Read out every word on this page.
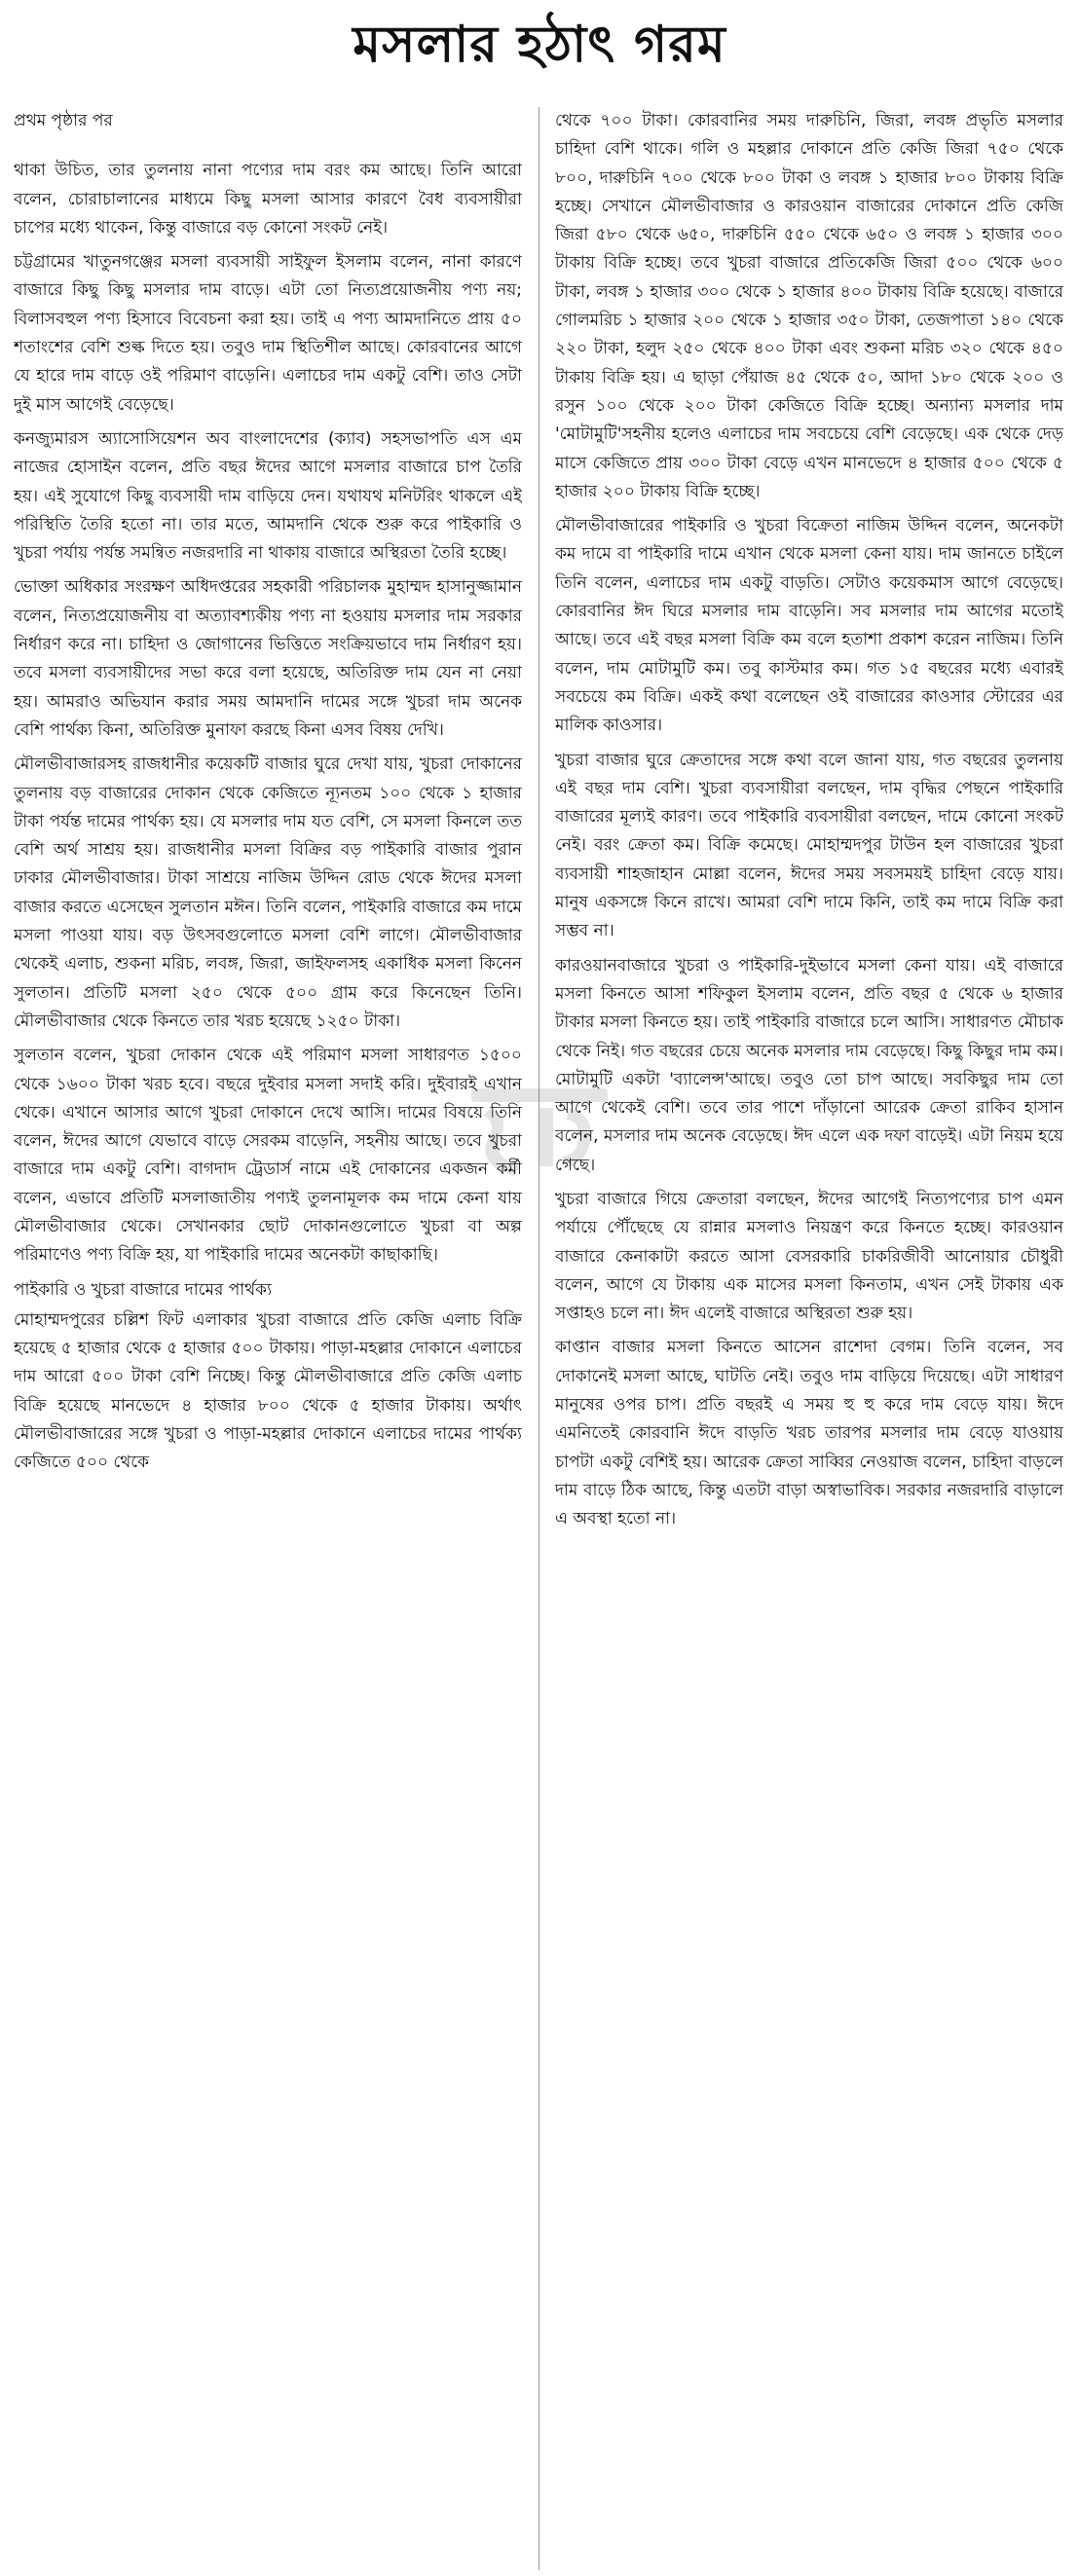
মসলার হঠাৎ গরম

প্রথম পৃষ্ঠার পর

থাকা উচিত, তার তুলনায় নানা পণ্যের দাম বরং কম আছে। তিনি আরো বলেন, চোরাচালানের মাধ্যমে কিছু মসলা আসার কারণে বৈধ ব্যবসায়ীরা চাপের মধ্যে থাকেন, কিন্তু বাজারে বড় কোনো সংকট নেই।

চট্টগ্রামের খাতুনগঞ্জের মসলা ব্যবসায়ী সাইফুল ইসলাম বলেন, নানা কারণে বাজারে কিছু কিছু মসলার দাম বাড়ে। এটা তো নিত্যপ্রয়োজনীয় পণ্য নয়; বিলাসবহুল পণ্য হিসাবে বিবেচনা করা হয়। তাই এ পণ্য আমদানিতে প্রায় ৫০ শতাংশের বেশি শুল্ক দিতে হয়। তবুও দাম স্থিতিশীল আছে। কোরবানের আগে যে হারে দাম বাড়ে ওই পরিমাণ বাড়েনি। এলাচের দাম একটু বেশি। তাও সেটা দুই মাস আগেই বেড়েছে।

কনজ্যুমারস অ্যাসোসিয়েশন অব বাংলাদেশের (ক্যাব) সহসভাপতি এস এম নাজের হোসাইন বলেন, প্রতি বছর ঈদের আগে মসলার বাজারে চাপ তৈরি হয়। এই সুযোগে কিছু ব্যবসায়ী দাম বাড়িয়ে দেন। যথাযথ মনিটরিং থাকলে এই পরিস্থিতি তৈরি হতো না। তার মতে, আমদানি থেকে শুরু করে পাইকারি ও খুচরা পর্যায় পর্যন্ত সমন্বিত নজরদারি না থাকায় বাজারে অস্থিরতা তৈরি হচ্ছে।

ভোক্তা অধিকার সংরক্ষণ অধিদপ্তরের সহকারী পরিচালক মুহাম্মদ হাসানুজ্জামান বলেন, নিত্যপ্রয়োজনীয় বা অত্যাবশ্যকীয় পণ্য না হওয়ায় মসলার দাম সরকার নির্ধারণ করে না। চাহিদা ও জোগানের ভিত্তিতে সংক্রিয়ভাবে দাম নির্ধারণ হয়। তবে মসলা ব্যবসায়ীদের সভা করে বলা হয়েছে, অতিরিক্ত দাম যেন না নেয়া হয়। আমরাও অভিযান করার সময় আমদানি দামের সঙ্গে খুচরা দাম অনেক বেশি পার্থক্য কিনা, অতিরিক্ত মুনাফা করছে কিনা এসব বিষয় দেখি।

মৌলভীবাজারসহ রাজধানীর কয়েকটি বাজার ঘুরে দেখা যায়, খুচরা দোকানের তুলনায় বড় বাজারের দোকান থেকে কেজিতে ন্যূনতম ১০০ থেকে ১ হাজার টাকা পর্যন্ত দামের পার্থক্য হয়। যে মসলার দাম যত বেশি, সে মসলা কিনলে তত বেশি অর্থ সাশ্রয় হয়। রাজধানীর মসলা বিক্রির বড় পাইকারি বাজার পুরান ঢাকার মৌলভীবাজার। টাকা সাশ্রয়ে নাজিম উদ্দিন রোড থেকে ঈদের মসলা বাজার করতে এসেছেন সুলতান মঈন। তিনি বলেন, পাইকারি বাজারে কম দামে মসলা পাওয়া যায়। বড় উৎসবগুলোতে মসলা বেশি লাগে। মৌলভীবাজার থেকেই এলাচ, শুকনা মরিচ, লবঙ্গ, জিরা, জাইফলসহ একাধিক মসলা কিনেন সুলতান। প্রতিটি মসলা ২৫০ থেকে ৫০০ গ্রাম করে কিনেছেন তিনি। মৌলভীবাজার থেকে কিনতে তার খরচ হয়েছে ১২৫০ টাকা।

সুলতান বলেন, খুচরা দোকান থেকে এই পরিমাণ মসলা সাধারণত ১৫০০ থেকে ১৬০০ টাকা খরচ হবে। বছরে দুইবার মসলা সদাই করি। দুইবারই এখান থেকে। এখানে আসার আগে খুচরা দোকানে দেখে আসি। দামের বিষয়ে তিনি বলেন, ঈদের আগে যেভাবে বাড়ে সেরকম বাড়েনি, সহনীয় আছে। তবে খুচরা বাজারে দাম একটু বেশি। বাগদাদ ট্রেডার্স নামে এই দোকানের একজন কর্মী বলেন, এভাবে প্রতিটি মসলাজাতীয় পণ্যই তুলনামূলক কম দামে কেনা যায় মৌলভীবাজার থেকে। সেখানকার ছোট দোকানগুলোতে খুচরা বা অল্প পরিমাণেও পণ্য বিক্রি হয়, যা পাইকারি দামের অনেকটা কাছাকাছি।

পাইকারি ও খুচরা বাজারে দামের পার্থক্য

মোহাম্মদপুরের চল্লিশ ফিট এলাকার খুচরা বাজারে প্রতি কেজি এলাচ বিক্রি হয়েছে ৫ হাজার থেকে ৫ হাজার ৫০০ টাকায়। পাড়া-মহল্লার দোকানে এলাচের দাম আরো ৫০০ টাকা বেশি নিচ্ছে। কিন্তু মৌলভীবাজারে প্রতি কেজি এলাচ বিক্রি হয়েছে মানভেদে ৪ হাজার ৮০০ থেকে ৫ হাজার টাকায়। অর্থাৎ মৌলভীবাজারের সঙ্গে খুচরা ও পাড়া-মহল্লার দোকানে এলাচের দামের পার্থক্য কেজিতে ৫০০ থেকে

থেকে ৭০০ টাকা। কোরবানির সময় দারুচিনি, জিরা, লবঙ্গ প্রভৃতি মসলার চাহিদা বেশি থাকে। গলি ও মহল্লার দোকানে প্রতি কেজি জিরা ৭৫০ থেকে ৮০০, দারুচিনি ৭০০ থেকে ৮০০ টাকা ও লবঙ্গ ১ হাজার ৮০০ টাকায় বিক্রি হচ্ছে। সেখানে মৌলভীবাজার ও কারওয়ান বাজারের দোকানে প্রতি কেজি জিরা ৫৮০ থেকে ৬৫০, দারুচিনি ৫৫০ থেকে ৬৫০ ও লবঙ্গ ১ হাজার ৩০০ টাকায় বিক্রি হচ্ছে। তবে খুচরা বাজারে প্রতিকেজি জিরা ৫০০ থেকে ৬০০ টাকা, লবঙ্গ ১ হাজার ৩০০ থেকে ১ হাজার ৪০০ টাকায় বিক্রি হয়েছে। বাজারে গোলমরিচ ১ হাজার ২০০ থেকে ১ হাজার ৩৫০ টাকা, তেজপাতা ১৪০ থেকে ২২০ টাকা, হলুদ ২৫০ থেকে ৪০০ টাকা এবং শুকনা মরিচ ৩২০ থেকে ৪৫০ টাকায় বিক্রি হয়। এ ছাড়া পেঁয়াজ ৪৫ থেকে ৫০, আদা ১৮০ থেকে ২০০ ও রসুন ১০০ থেকে ২০০ টাকা কেজিতে বিক্রি হচ্ছে। অন্যান্য মসলার দাম 'মোটামুটি'সহনীয় হলেও এলাচের দাম সবচেয়ে বেশি বেড়েছে। এক থেকে দেড় মাসে কেজিতে প্রায় ৩০০ টাকা বেড়ে এখন মানভেদে ৪ হাজার ৫০০ থেকে ৫ হাজার ২০০ টাকায় বিক্রি হচ্ছে।

মৌলভীবাজারের পাইকারি ও খুচরা বিক্রেতা নাজিম উদ্দিন বলেন, অনেকটা কম দামে বা পাইকারি দামে এখান থেকে মসলা কেনা যায়। দাম জানতে চাইলে তিনি বলেন, এলাচের দাম একটু বাড়তি। সেটাও কয়েকমাস আগে বেড়েছে। কোরবানির ঈদ ঘিরে মসলার দাম বাড়েনি। সব মসলার দাম আগের মতোই আছে। তবে এই বছর মসলা বিক্রি কম বলে হতাশা প্রকাশ করেন নাজিম। তিনি বলেন, দাম মোটামুটি কম। তবু কাস্টমার কম। গত ১৫ বছরের মধ্যে এবারই সবচেয়ে কম বিক্রি। একই কথা বলেছেন ওই বাজারের কাওসার স্টোরের এর মালিক কাওসার।

খুচরা বাজার ঘুরে ক্রেতাদের সঙ্গে কথা বলে জানা যায়, গত বছরের তুলনায় এই বছর দাম বেশি। খুচরা ব্যবসায়ীরা বলছেন, দাম বৃদ্ধির পেছনে পাইকারি বাজারের মূল্যই কারণ। তবে পাইকারি ব্যবসায়ীরা বলছেন, দামে কোনো সংকট নেই। বরং ক্রেতা কম। বিক্রি কমেছে। মোহাম্মদপুর টাউন হল বাজারের খুচরা ব্যবসায়ী শাহজাহান মোল্লা বলেন, ঈদের সময় সবসময়ই চাহিদা বেড়ে যায়। মানুষ একসঙ্গে কিনে রাখে। আমরা বেশি দামে কিনি, তাই কম দামে বিক্রি করা সম্ভব না।

কারওয়ানবাজারে খুচরা ও পাইকারি-দুইভাবে মসলা কেনা যায়। এই বাজারে মসলা কিনতে আসা শফিকুল ইসলাম বলেন, প্রতি বছর ৫ থেকে ৬ হাজার টাকার মসলা কিনতে হয়। তাই পাইকারি বাজারে চলে আসি। সাধারণত মৌচাক থেকে নিই। গত বছরের চেয়ে অনেক মসলার দাম বেড়েছে। কিছু কিছুর দাম কম। মোটামুটি একটা 'ব্যালেন্স'আছে। তবুও তো চাপ আছে। সবকিছুর দাম তো আগে থেকেই বেশি। তবে তার পাশে দাঁড়ানো আরেক ক্রেতা রাকিব হাসান বলেন, মসলার দাম অনেক বেড়েছে। ঈদ এলে এক দফা বাড়েই। এটা নিয়ম হয়ে গেছে।

খুচরা বাজারে গিয়ে ক্রেতারা বলছেন, ঈদের আগেই নিত্যপণ্যের চাপ এমন পর্যায়ে পৌঁছেছে যে রান্নার মসলাও নিয়ন্ত্রণ করে কিনতে হচ্ছে। কারওয়ান বাজারে কেনাকাটা করতে আসা বেসরকারি চাকরিজীবী আনোয়ার চৌধুরী বলেন, আগে যে টাকায় এক মাসের মসলা কিনতাম, এখন সেই টাকায় এক সপ্তাহও চলে না। ঈদ এলেই বাজারে অস্থিরতা শুরু হয়।

কাপ্তান বাজার মসলা কিনতে আসেন রাশেদা বেগম। তিনি বলেন, সব দোকানেই মসলা আছে, ঘাটতি নেই। তবুও দাম বাড়িয়ে দিয়েছে। এটা সাধারণ মানুষের ওপর চাপ। প্রতি বছরই এ সময় হু হু করে দাম বেড়ে যায়। ঈদে এমনিতেই কোরবানি ঈদে বাড়তি খরচ তারপর মসলার দাম বেড়ে যাওয়ায় চাপটা একটু বেশিই হয়। আরেক ক্রেতা সাব্বির নেওয়াজ বলেন, চাহিদা বাড়লে দাম বাড়ে ঠিক আছে, কিন্তু এতটা বাড়া অস্বাভাবিক। সরকার নজরদারি বাড়ালে এ অবস্থা হতো না।
